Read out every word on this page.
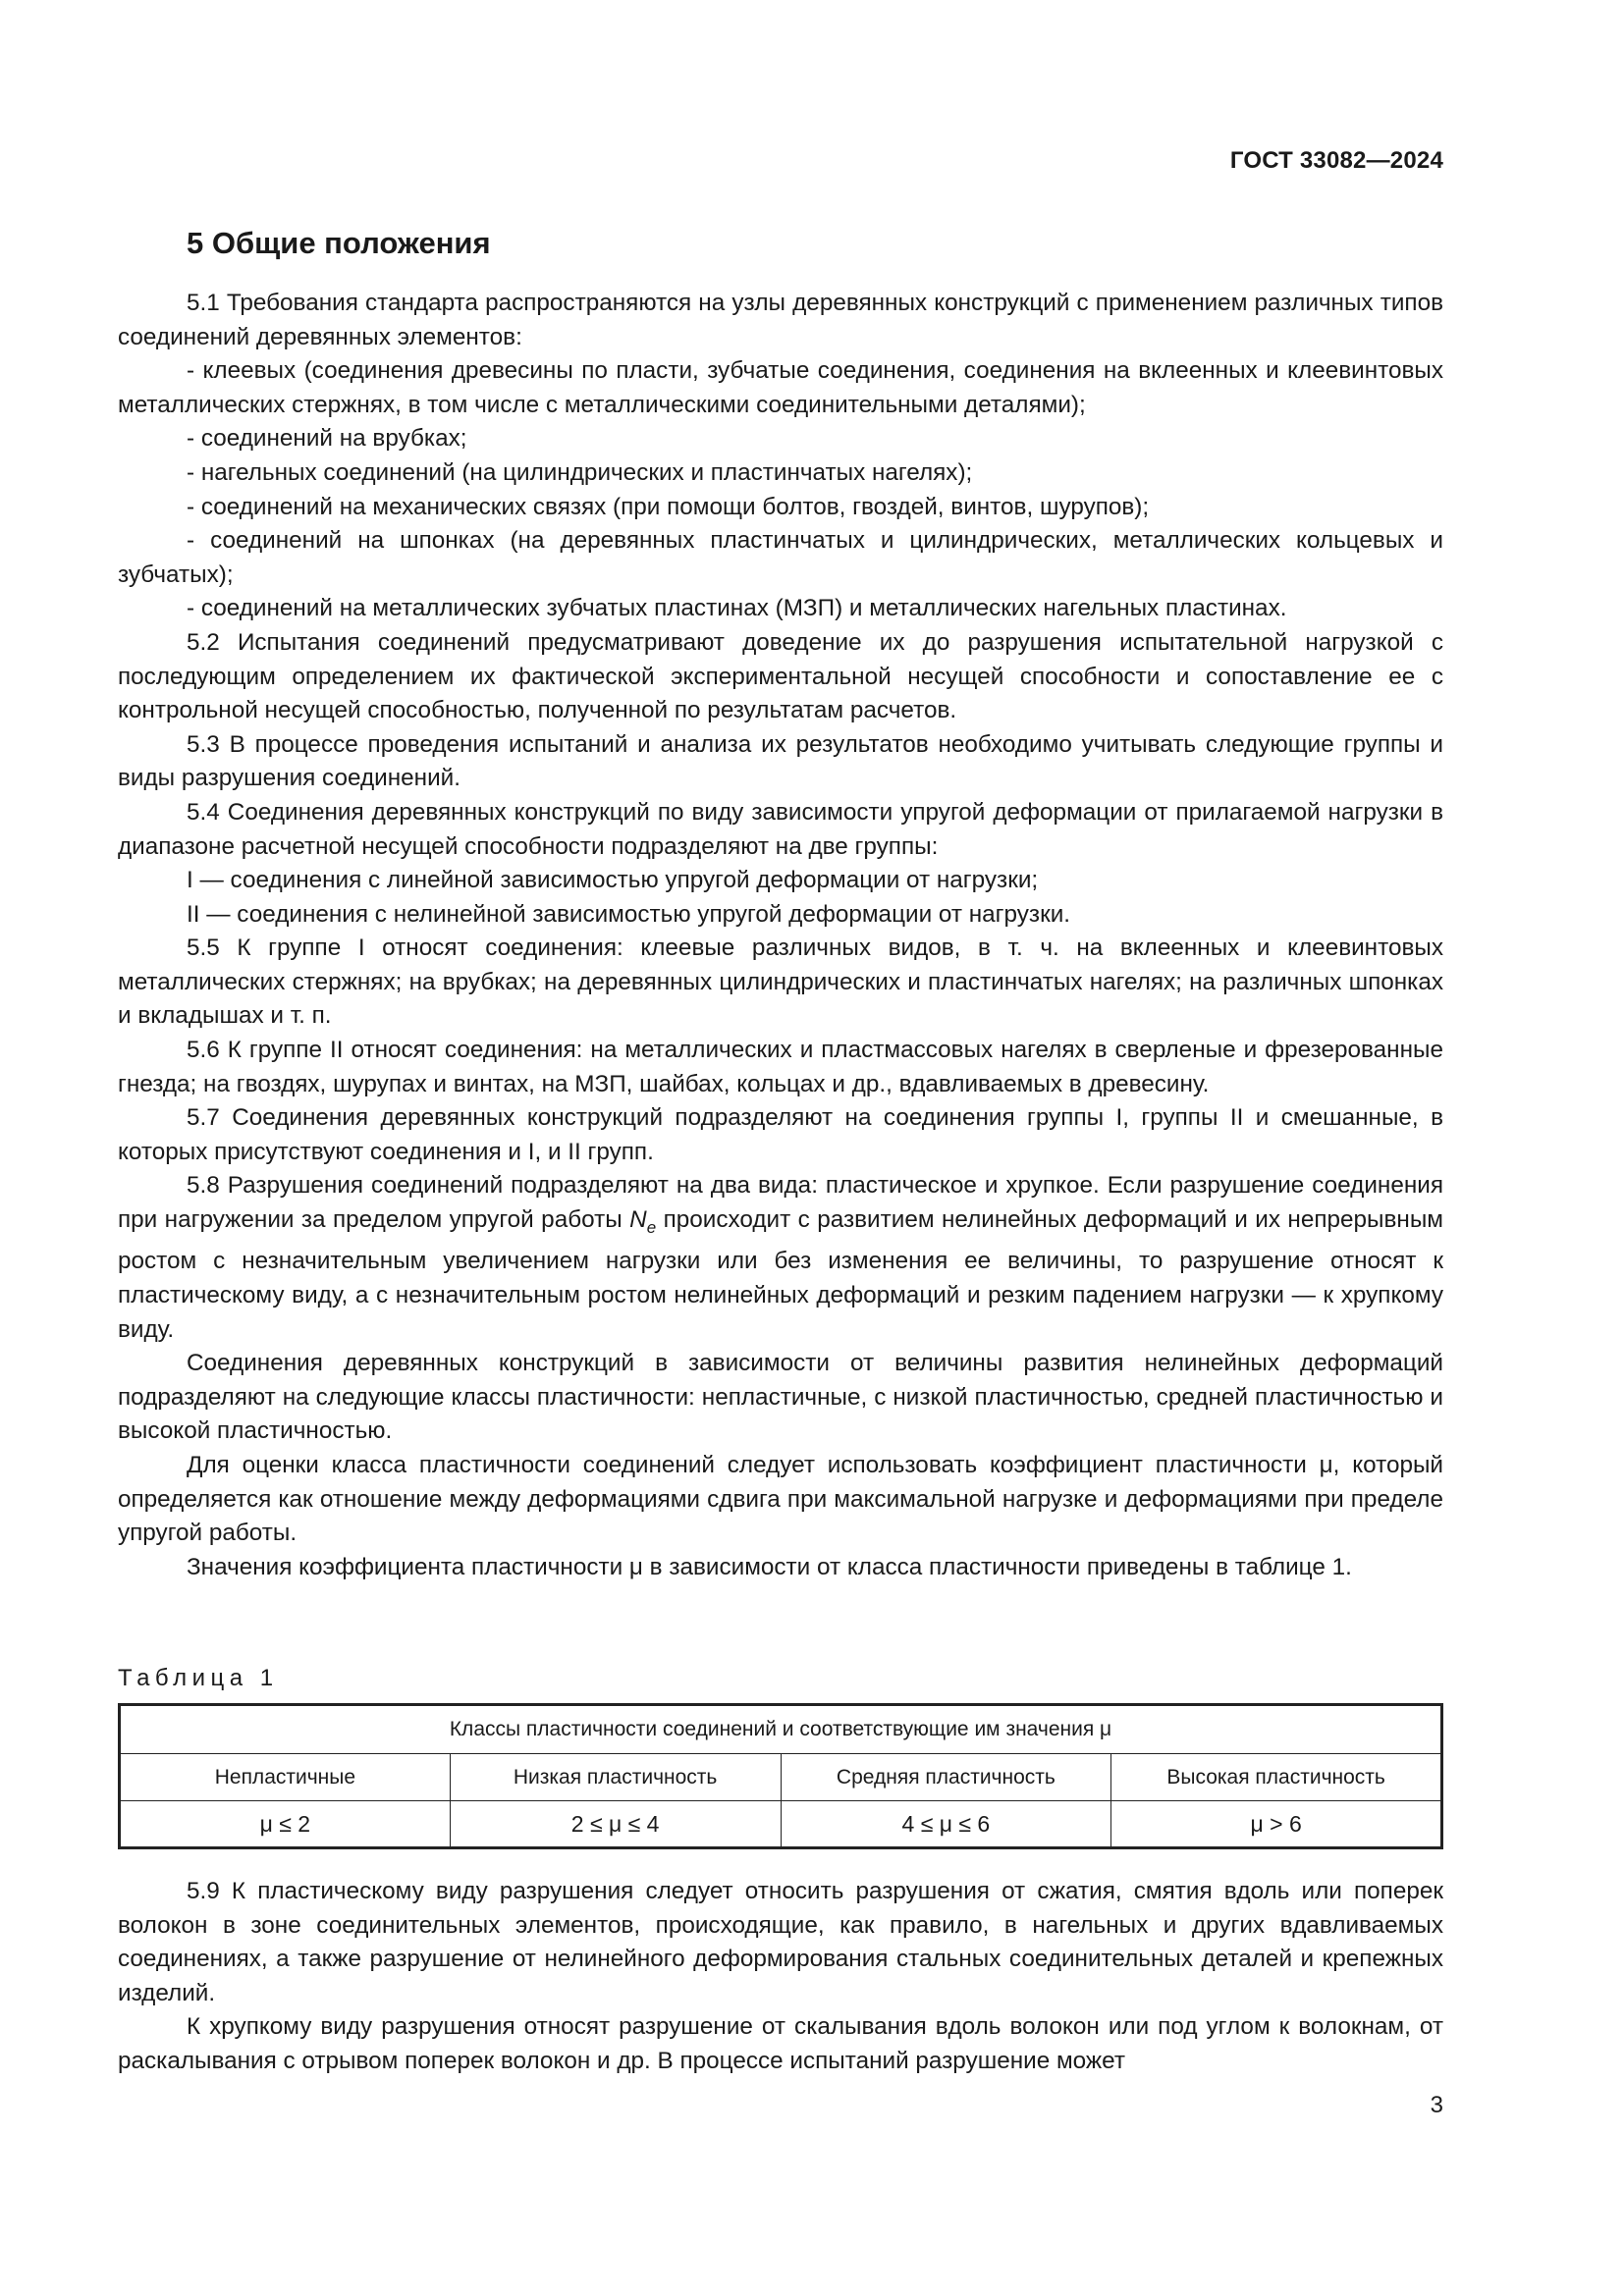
ГОСТ 33082—2024
5 Общие положения

5.1 Требования стандарта распространяются на узлы деревянных конструкций с применением различных типов соединений деревянных элементов:

- клеевых (соединения древесины по пласти, зубчатые соединения, соединения на вклеенных и клеевинтовых металлических стержнях, в том числе с металлическими соединительными деталями);

- соединений на врубках;

- нагельных соединений (на цилиндрических и пластинчатых нагелях);

- соединений на механических связях (при помощи болтов, гвоздей, винтов, шурупов);

- соединений на шпонках (на деревянных пластинчатых и цилиндрических, металлических кольцевых и зубчатых);

- соединений на металлических зубчатых пластинах (МЗП) и металлических нагельных пластинах.

5.2 Испытания соединений предусматривают доведение их до разрушения испытательной нагрузкой с последующим определением их фактической экспериментальной несущей способности и сопоставление ее с контрольной несущей способностью, полученной по результатам расчетов.

5.3 В процессе проведения испытаний и анализа их результатов необходимо учитывать следующие группы и виды разрушения соединений.

5.4 Соединения деревянных конструкций по виду зависимости упругой деформации от прилагаемой нагрузки в диапазоне расчетной несущей способности подразделяют на две группы:

I — соединения с линейной зависимостью упругой деформации от нагрузки;

II — соединения с нелинейной зависимостью упругой деформации от нагрузки.

5.5 К группе I относят соединения: клеевые различных видов, в т. ч. на вклеенных и клеевинтовых металлических стержнях; на врубках; на деревянных цилиндрических и пластинчатых нагелях; на различных шпонках и вкладышах и т. п.

5.6 К группе II относят соединения: на металлических и пластмассовых нагелях в сверленые и фрезерованные гнезда; на гвоздях, шурупах и винтах, на МЗП, шайбах, кольцах и др., вдавливаемых в древесину.

5.7 Соединения деревянных конструкций подразделяют на соединения группы I, группы II и смешанные, в которых присутствуют соединения и I, и II групп.

5.8 Разрушения соединений подразделяют на два вида: пластическое и хрупкое. Если разрушение соединения при нагружении за пределом упругой работы $N_e$ происходит с развитием нелинейных деформаций и их непрерывным ростом с незначительным увеличением нагрузки или без изменения ее величины, то разрушение относят к пластическому виду, а с незначительным ростом нелинейных деформаций и резким падением нагрузки — к хрупкому виду.

Соединения деревянных конструкций в зависимости от величины развития нелинейных деформаций подразделяют на следующие классы пластичности: непластичные, с низкой пластичностью, средней пластичностью и высокой пластичностью.

Для оценки класса пластичности соединений следует использовать коэффициент пластичности μ, который определяется как отношение между деформациями сдвига при максимальной нагрузке и деформациями при пределе упругой работы.

Значения коэффициента пластичности μ в зависимости от класса пластичности приведены в таблице 1.

Таблица 1
Классы пластичности соединений и соответствующие им значения μ			
Непластичные	Низкая пластичность	Средняя пластичность	Высокая пластичность
μ ≤ 2	2 ≤ μ ≤ 4	4 ≤ μ ≤ 6	μ > 6

5.9 К пластическому виду разрушения следует относить разрушения от сжатия, смятия вдоль или поперек волокон в зоне соединительных элементов, происходящие, как правило, в нагельных и других вдавливаемых соединениях, а также разрушение от нелинейного деформирования стальных соединительных деталей и крепежных изделий.

К хрупкому виду разрушения относят разрушение от скалывания вдоль волокон или под углом к волокнам, от раскалывания с отрывом поперек волокон и др. В процессе испытаний разрушение может

3
